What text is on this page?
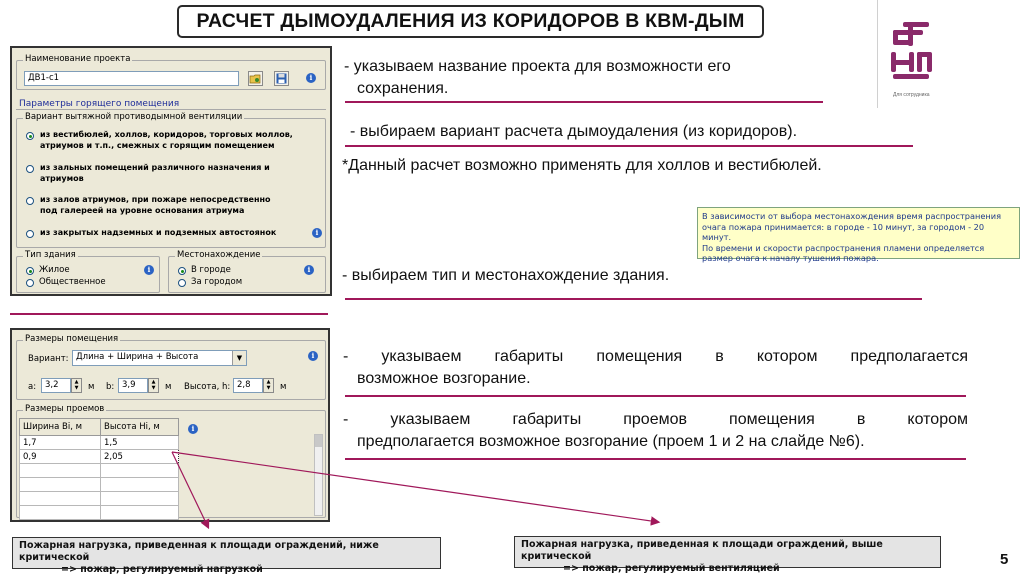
РАСЧЕТ ДЫМОУДАЛЕНИЯ ИЗ КОРИДОРОВ В КВМ-ДЫМ
Для сотрудника
Наименование проекта
ДВ1-с1	i
Параметры горящего помещения
Вариант вытяжной противодымной вентиляции
из вестибюлей, холлов, коридоров, торговых моллов, атриумов и т.п., смежных с горящим помещением
из зальных помещений различного назначения и атриумов
из залов атриумов, при пожаре непосредственно под галереей на уровне основания атриума
из закрытых надземных и подземных автостоянок	i
Тип здания
Жилое
Общественное
i
Местонахождение
В городе
За городом
i
Размеры помещения
Вариант: Длина + Ширина + Высота	▼	i
a:	3,2	▲
▼	м b: 3,9	▲
▼	м Высота, h: 2,8	▲
▼	м
Размеры проемов
Ширина Bi, м	Высота Hi, м
1,7	1,5
0,9	2,05

i
- указываем название проекта для возможности его
сохранения.
- выбираем вариант расчета дымоудаления (из коридоров).
*Данный расчет возможно применять для холлов и вестибюлей.
В зависимости от выбора местонахождения время распространения
очага пожара принимается: в городе - 10 минут, за городом - 20 минут.
По времени и скорости распространения пламени определяется
размер очага к началу тушения пожара.
- выбираем тип и местонахождение здания.
- указываем габариты помещения в котором предполагается
возможное возгорание.
- указываем габариты проемов помещения в котором
предполагается возможное возгорание (проем 1 и 2 на слайде №6).
Пожарная нагрузка, приведенная к площади ограждений, ниже критической
=> пожар, регулируемый нагрузкой
Пожарная нагрузка, приведенная к площади ограждений, выше критической
=> пожар, регулируемый вентиляцией
5
